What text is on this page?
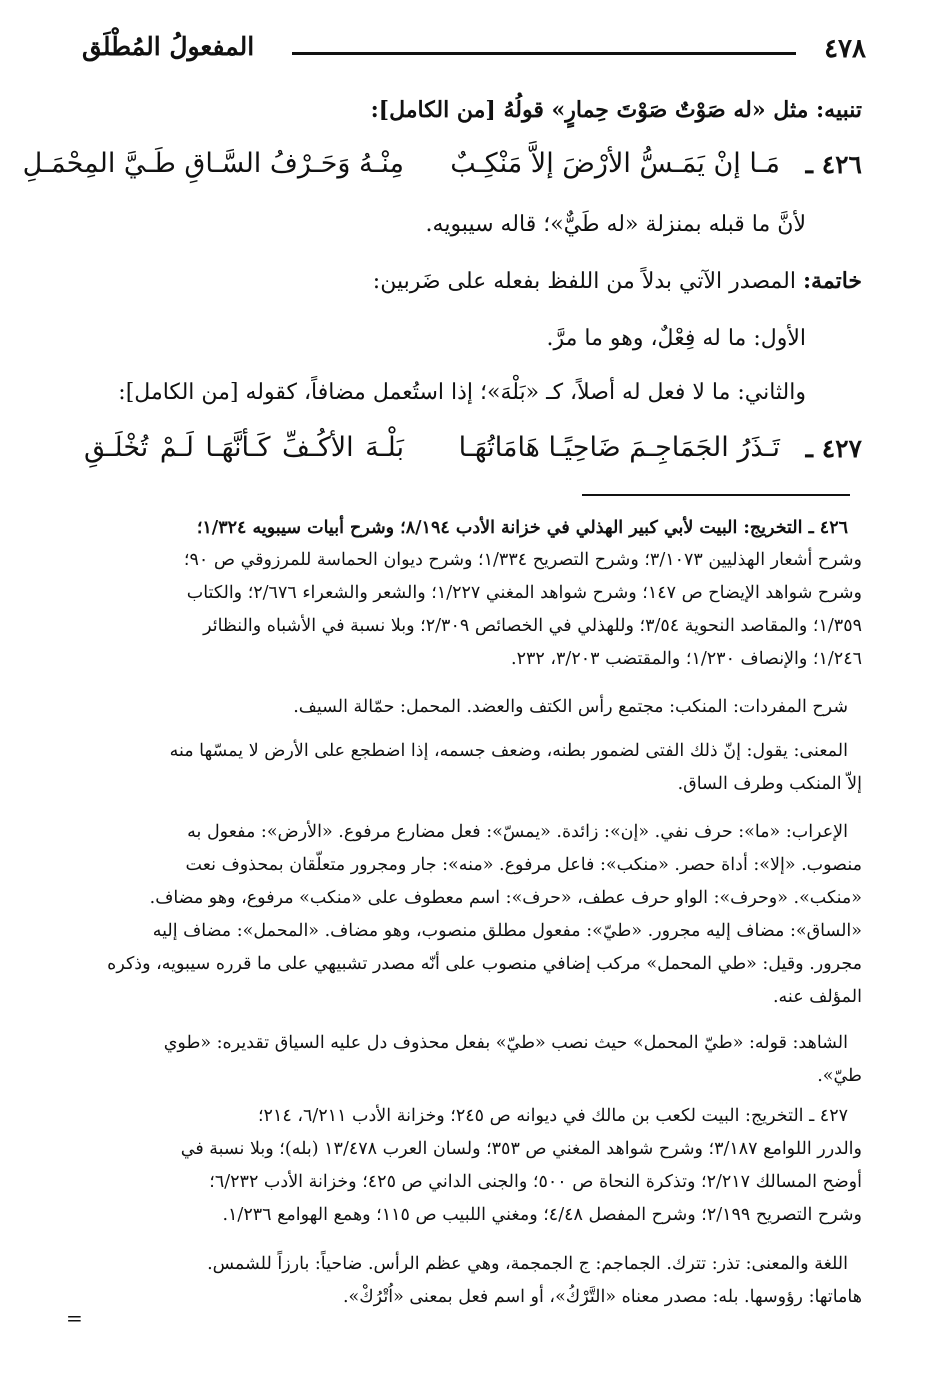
٤٧٨
المفعولُ المُطْلَق
تنبيه: مثل «له صَوْتٌ صَوْتَ حِمارٍ» قولُهُ [من الكامل]:
٤٢٦ ـ
مَـا إنْ يَمَـسُّ الأرْضَ إلاَّ مَنْكِـبٌ
مِنْـهُ وَحَـرْفُ السَّـاقِ طَـيَّ المِحْمَـلِ
لأنَّ ما قبله بمنزلة «له طَيٌّ»؛ قاله سيبويه.
خاتمة: المصدر الآتي بدلاً من اللفظ بفعله على ضَربين:
الأول: ما له فِعْلٌ، وهو ما مرَّ.
والثاني: ما لا فعل له أصلاً، كـ «بَلْهَ»؛ إذا استُعمل مضافاً، كقوله [من الكامل]:
٤٢٧ ـ
تَـذَرُ الجَمَاجِـمَ ضَاحِيًـا هَامَاتُهَـا
بَلْـهَ الأكُـفِّ كَـأنَّهَـا لَـمْ تُخْلَـقِ
٤٢٦ ـ التخريج: البيت لأبي كبير الهذلي في خزانة الأدب ٨/١٩٤؛ وشرح أبيات سيبويه ١/٣٢٤؛
وشرح أشعار الهذليين ٣/١٠٧٣؛ وشرح التصريح ١/٣٣٤؛ وشرح ديوان الحماسة للمرزوقي ص ٩٠؛
وشرح شواهد الإيضاح ص ١٤٧؛ وشرح شواهد المغني ١/٢٢٧؛ والشعر والشعراء ٢/٦٧٦؛ والكتاب
١/٣٥٩؛ والمقاصد النحوية ٣/٥٤؛ وللهذلي في الخصائص ٢/٣٠٩؛ وبلا نسبة في الأشباه والنظائر
١/٢٤٦؛ والإنصاف ١/٢٣٠؛ والمقتضب ٣/٢٠٣، ٢٣٢.
شرح المفردات: المنكب: مجتمع رأس الكتف والعضد. المحمل: حمّالة السيف.
المعنى: يقول: إنّ ذلك الفتى لضمور بطنه، وضعف جسمه، إذا اضطجع على الأرض لا يمسّها منه
إلاّ المنكب وطرف الساق.
الإعراب: «ما»: حرف نفي. «إن»: زائدة. «يمسّ»: فعل مضارع مرفوع. «الأرض»: مفعول به
منصوب. «إلا»: أداة حصر. «منكب»: فاعل مرفوع. «منه»: جار ومجرور متعلّقان بمحذوف نعت
«منكب». «وحرف»: الواو حرف عطف، «حرف»: اسم معطوف على «منكب» مرفوع، وهو مضاف.
«الساق»: مضاف إليه مجرور. «طيّ»: مفعول مطلق منصوب، وهو مضاف. «المحمل»: مضاف إليه
مجرور. وقيل: «طي المحمل» مركب إضافي منصوب على أنّه مصدر تشبيهي على ما قرره سيبويه، وذكره
المؤلف عنه.
الشاهد: قوله: «طيّ المحمل» حيث نصب «طيّ» بفعل محذوف دل عليه السياق تقديره: «طوي
طيّ».
٤٢٧ ـ التخريج: البيت لكعب بن مالك في ديوانه ص ٢٤٥؛ وخزانة الأدب ٦/٢١١، ٢١٤؛
والدرر اللوامع ٣/١٨٧؛ وشرح شواهد المغني ص ٣٥٣؛ ولسان العرب ١٣/٤٧٨ (بله)؛ وبلا نسبة في
أوضح المسالك ٢/٢١٧؛ وتذكرة النحاة ص ٥٠٠؛ والجنى الداني ص ٤٢٥؛ وخزانة الأدب ٦/٢٣٢؛
وشرح التصريح ٢/١٩٩؛ وشرح المفصل ٤/٤٨؛ ومغني اللبيب ص ١١٥؛ وهمع الهوامع ١/٢٣٦.
اللغة والمعنى: تذر: تترك. الجماجم: ج الجمجمة، وهي عظم الرأس. ضاحياً: بارزاً للشمس.
هاماتها: رؤوسها. بله: مصدر معناه «التَّرْكُ»، أو اسم فعل بمعنى «اُتْرُكْ».
=
